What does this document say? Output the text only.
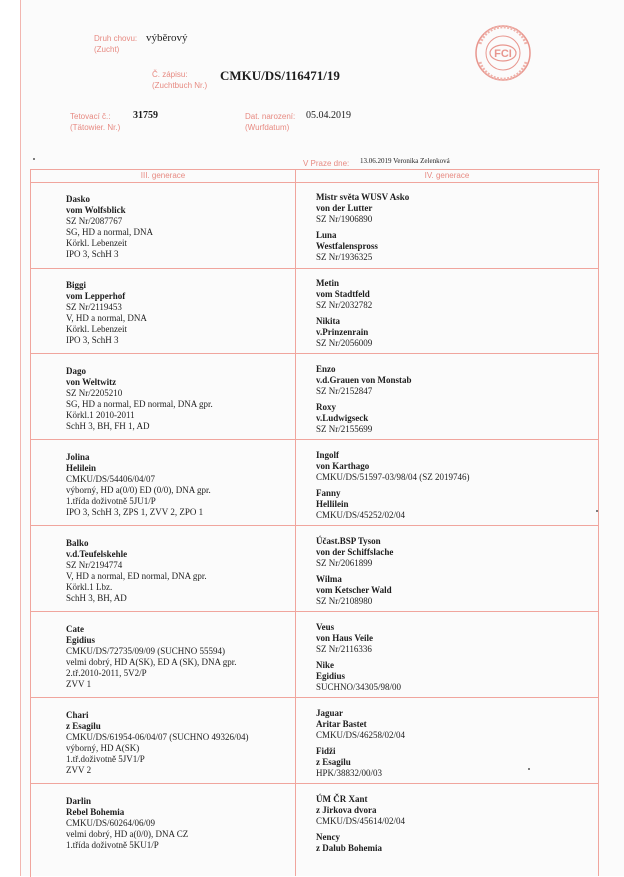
Druh chovu:
(Zucht)
výběrový
Č. zápisu:
(Zuchtbuch Nr.)
CMKU/DS/116471/19
Tetovací č.:
(Tätowier. Nr.)
31759	Dat. narození:
(Wurfdatum)
05.04.2019
V Praze dne: 13.06.2019 Veronika Zelenková
FCI
III. generace	IV. generace
Dasko
vom Wolfsblick
SZ Nr/2087767
SG, HD a normal, DNA
Körkl. Lebenzeit
IPO 3, SchH 3
Mistr světa WUSV Asko
von der Lutter
SZ Nr/1906890
Luna
Westfalenspross
SZ Nr/1936325
Biggi
vom Lepperhof
SZ Nr/2119453
V, HD a normal, DNA
Körkl. Lebenzeit
IPO 3, SchH 3
Metin
vom Stadtfeld
SZ Nr/2032782
Nikita
v.Prinzenrain
SZ Nr/2056009
Dago
von Weltwitz
SZ Nr/2205210
SG, HD a normal, ED normal, DNA gpr.
Körkl.1 2010-2011
SchH 3, BH, FH 1, AD
Enzo
v.d.Grauen von Monstab
SZ Nr/2152847
Roxy
v.Ludwigseck
SZ Nr/2155699
Jolina
Helilein
CMKU/DS/54406/04/07
výborný, HD a(0/0) ED (0/0), DNA gpr.
1.třída doživotně 5JU1/P
IPO 3, SchH 3, ZPS 1, ZVV 2, ZPO 1
Ingolf
von Karthago
CMKU/DS/51597-03/98/04 (SZ 2019746)
Fanny
Hellilein
CMKU/DS/45252/02/04
Balko
v.d.Teufelskehle
SZ Nr/2194774
V, HD a normal, ED normal, DNA gpr.
Körkl.1 Lbz.
SchH 3, BH, AD
Účast.BSP Tyson
von der Schiffslache
SZ Nr/2061899
Wilma
vom Ketscher Wald
SZ Nr/2108980
Cate
Egidius
CMKU/DS/72735/09/09 (SUCHNO 55594)
velmi dobrý, HD A(SK), ED A (SK), DNA gpr.
2.tř.2010-2011, 5V2/P
ZVV 1
Veus
von Haus Veile
SZ Nr/2116336
Nike
Egidius
SUCHNO/34305/98/00
Chari
z Esagilu
CMKU/DS/61954-06/04/07 (SUCHNO 49326/04)
výborný, HD A(SK)
1.tř.doživotně 5JV1/P
ZVV 2
Jaguar
Aritar Bastet
CMKU/DS/46258/02/04
Fidži
z Esagilu
HPK/38832/00/03
Darlin
Rebel Bohemia
CMKU/DS/60264/06/09
velmi dobrý, HD a(0/0), DNA CZ
1.třída doživotně 5KU1/P
ÚM ČR Xant
z Jirkova dvora
CMKU/DS/45614/02/04
Nency
z Dalub Bohemia
